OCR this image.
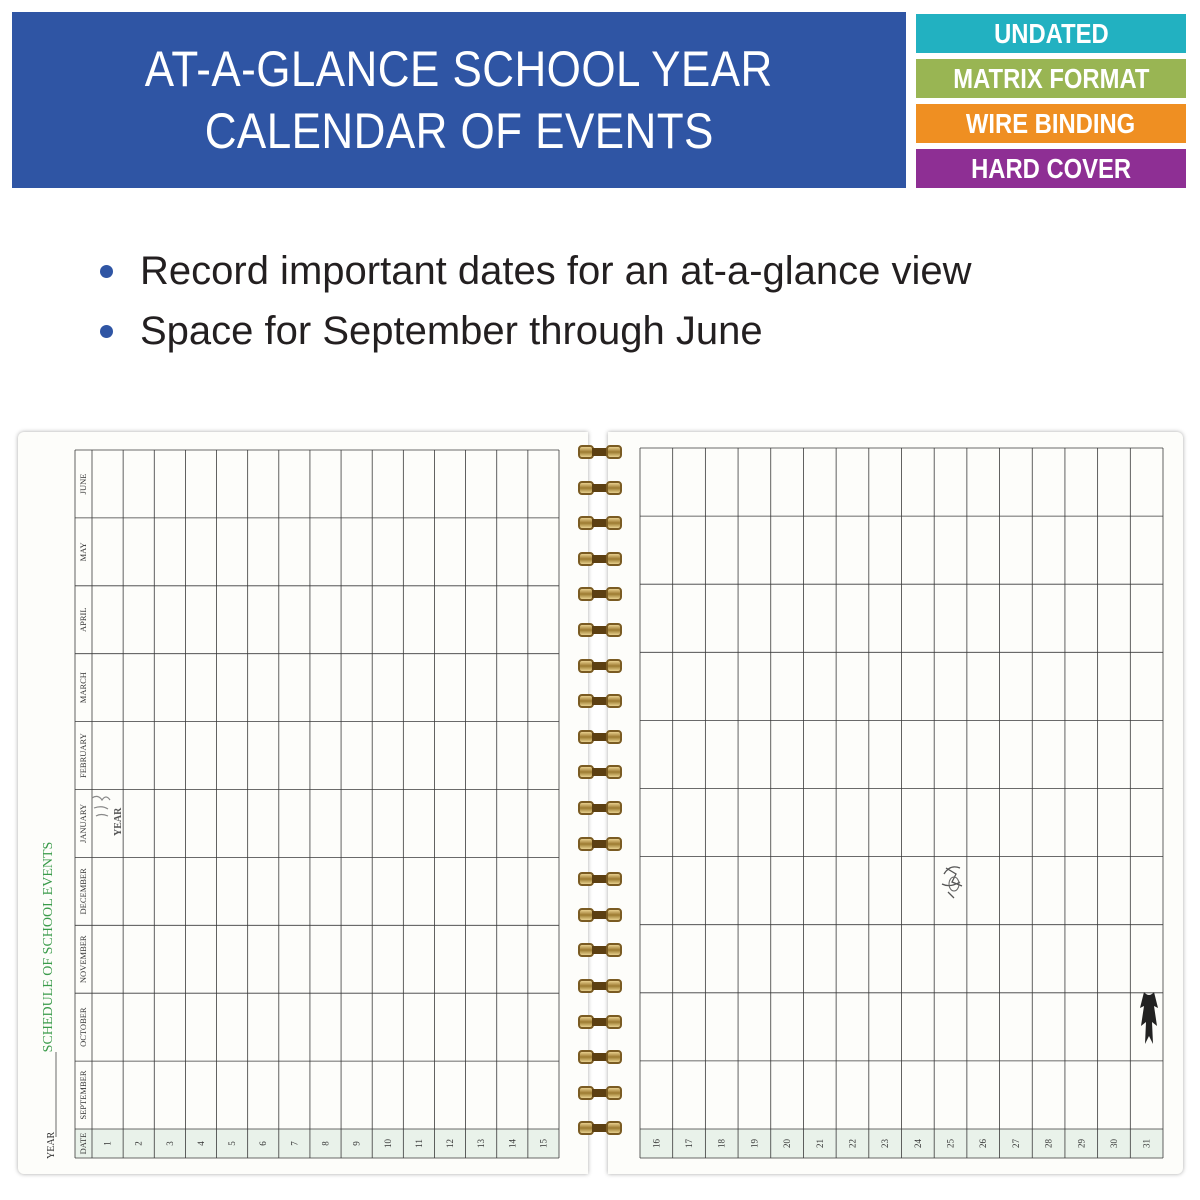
AT-A-GLANCE SCHOOL YEAR
CALENDAR OF EVENTS
UNDATED
MATRIX FORMAT
WIRE BINDING
HARD COVER
Record important dates for an at-a-glance view
Space for September through June
SCHEDULE OF SCHOOL EVENTS
YEAR
SEPTEMBER
OCTOBER
NOVEMBER
DECEMBER
JANUARY
FEBRUARY
MARCH
APRIL
MAY
JUNE
DATE 1 2 3 4 5 6 7 8 9 10 11 12 13 14 15
YEAR
16	17	18	19	20	21	22	23	24	25	26	27	28	29	30	31
